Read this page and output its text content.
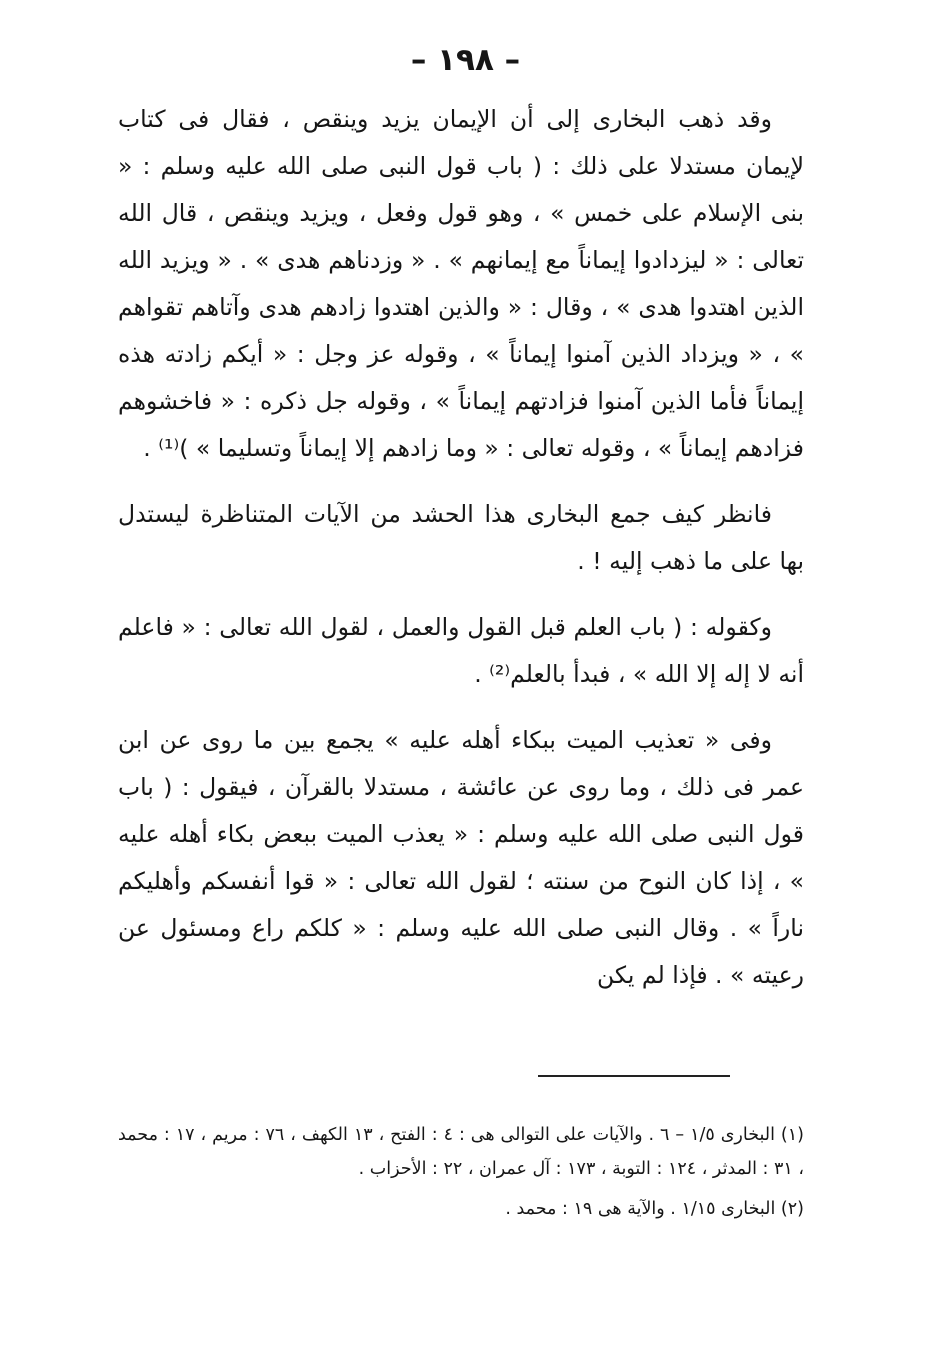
– ١٩٨ –

وقد ذهب البخارى إلى أن الإيمان يزيد وينقص ، فقال فى كتاب لإيمان مستدلا على ذلك : ( باب قول النبى صلى الله عليه وسلم : « بنى الإسلام على خمس » ، وهو قول وفعل ، ويزيد وينقص ، قال الله تعالى : « ليزدادوا إيماناً مع إيمانهم » . « وزدناهم هدى » . « ويزيد الله الذين اهتدوا هدى » ، وقال : « والذين اهتدوا زادهم هدى وآتاهم تقواهم » ، « ويزداد الذين آمنوا إيماناً » ، وقوله عز وجل : « أيكم زادته هذه إيماناً فأما الذين آمنوا فزادتهم إيماناً » ، وقوله جل ذكره : « فاخشوهم فزادهم إيماناً » ، وقوله تعالى : « وما زادهم إلا إيماناً وتسليما » )⁽¹⁾ .

فانظر كيف جمع البخارى هذا الحشد من الآيات المتناظرة ليستدل بها على ما ذهب إليه ! .

وكقوله : ( باب العلم قبل القول والعمل ، لقول الله تعالى : « فاعلم أنه لا إله إلا الله » ، فبدأ بالعلم⁽²⁾ .

وفى « تعذيب الميت ببكاء أهله عليه » يجمع بين ما روى عن ابن عمر فى ذلك ، وما روى عن عائشة ، مستدلا بالقرآن ، فيقول : ( باب قول النبى صلى الله عليه وسلم : « يعذب الميت ببعض بكاء أهله عليه » ، إذا كان النوح من سنته ؛ لقول الله تعالى : « قوا أنفسكم وأهليكم ناراً » . وقال النبى صلى الله عليه وسلم : « كلكم راع ومسئول عن رعيته » . فإذا لم يكن

(١) البخارى ١/٥ – ٦ . والآيات على التوالى هى : ٤ : الفتح ، ١٣ الكهف ، ٧٦ : مريم ، ١٧ : محمد ، ٣١ : المدثر ، ١٢٤ : التوبة ، ١٧٣ : آل عمران ، ٢٢ : الأحزاب .

(٢) البخارى ١/١٥ . والآية هى ١٩ : محمد .
